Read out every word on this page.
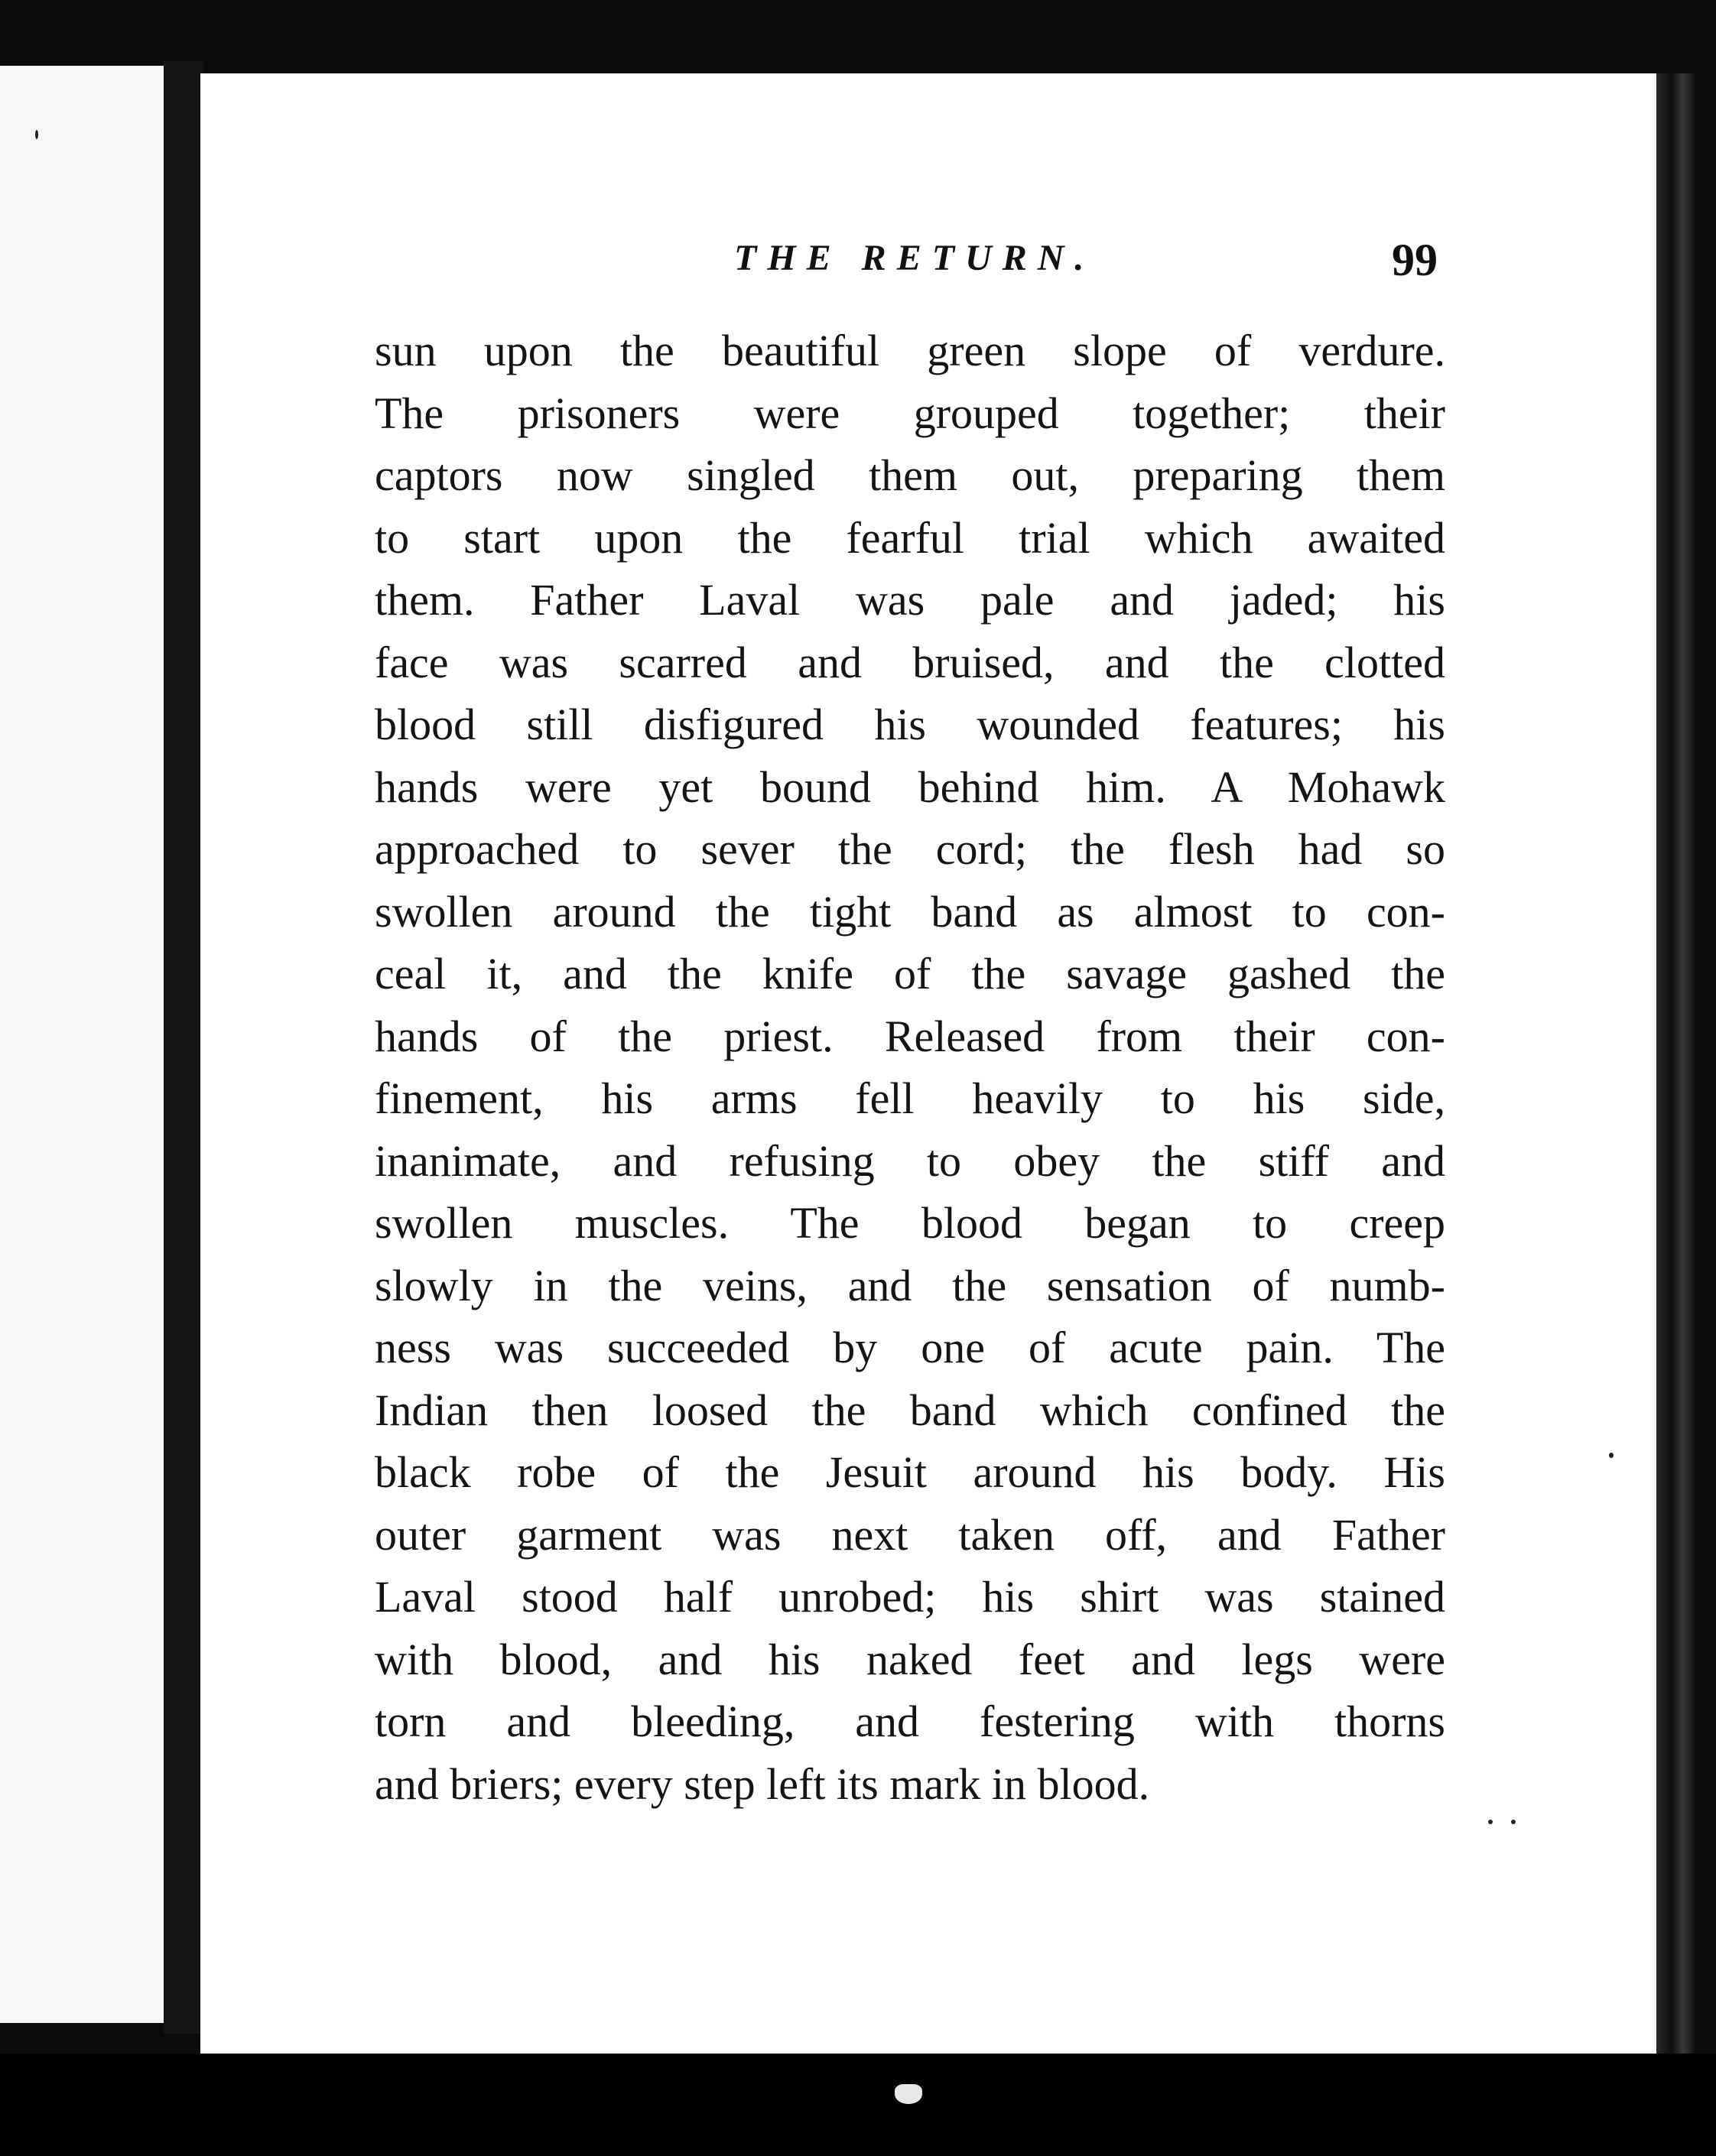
THE RETURN.	99
sun upon the beautiful green slope of verdure.
The prisoners were grouped together; their
captors now singled them out, preparing them
to start upon the fearful trial which awaited
them. Father Laval was pale and jaded; his
face was scarred and bruised, and the clotted
blood still disfigured his wounded features; his
hands were yet bound behind him. A Mohawk
approached to sever the cord; the flesh had so
swollen around the tight band as almost to con-
ceal it, and the knife of the savage gashed the
hands of the priest. Released from their con-
finement, his arms fell heavily to his side,
inanimate, and refusing to obey the stiff and
swollen muscles. The blood began to creep
slowly in the veins, and the sensation of numb-
ness was succeeded by one of acute pain. The
Indian then loosed the band which confined the
black robe of the Jesuit around his body. His
outer garment was next taken off, and Father
Laval stood half unrobed; his shirt was stained
with blood, and his naked feet and legs were
torn and bleeding, and festering with thorns
and briers; every step left its mark in blood.
